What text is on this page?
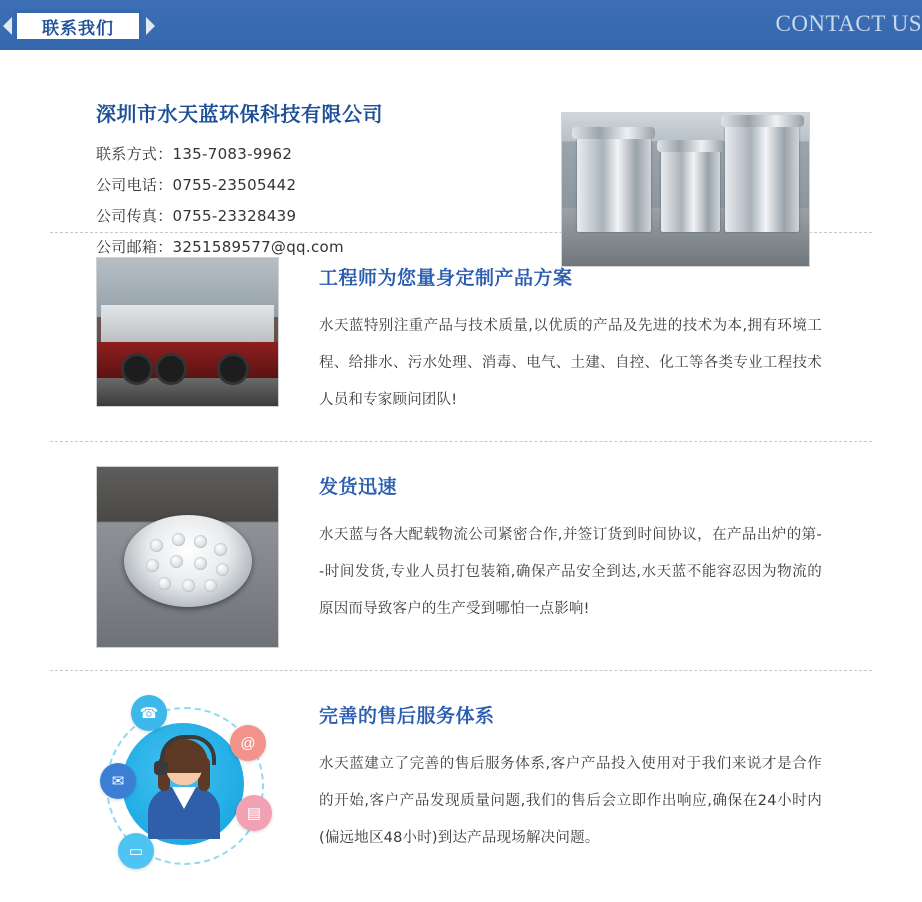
联系我们	CONTACT US
深圳市水天蓝环保科技有限公司
联系方式：135-7083-9962
公司电话：0755-23505442
公司传真：0755-23328439
公司邮箱：3251589577@qq.com
工程师为您量身定制产品方案

水天蓝特别注重产品与技术质量,以优质的产品及先进的技术为本,拥有环境工程、给排水、污水处理、消毒、电气、土建、自控、化工等各类专业工程技术人员和专家顾问团队!

发货迅速

水天蓝与各大配载物流公司紧密合作,并签订货到时间协议，在产品出炉的第- -时间发货,专业人员打包装箱,确保产品安全到达,水天蓝不能容忍因为物流的原因而导致客户的生产受到哪怕一点影响!

☎
@
✉
▤
▭
完善的售后服务体系

水天蓝建立了完善的售后服务体系,客户产品投入使用对于我们来说才是合作的开始,客户产品发现质量问题,我们的售后会立即作出响应,确保在24小时内(偏远地区48小时)到达产品现场解决问题。
